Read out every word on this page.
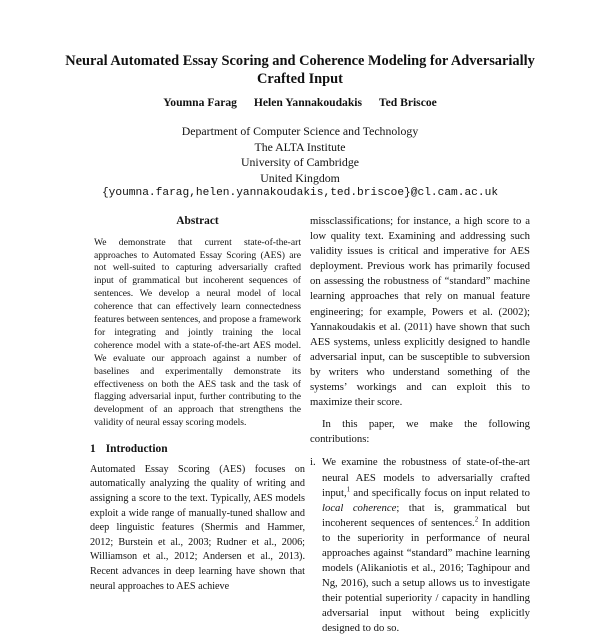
Neural Automated Essay Scoring and Coherence Modeling for Adversarially Crafted Input
Youmna Farag Helen Yannakoudakis Ted Briscoe
Department of Computer Science and Technology
The ALTA Institute
University of Cambridge
United Kingdom
{youmna.farag,helen.yannakoudakis,ted.briscoe}@cl.cam.ac.uk
Abstract
We demonstrate that current state-of-the-art approaches to Automated Essay Scoring (AES) are not well-suited to capturing adversarially crafted input of grammatical but incoherent sequences of sentences. We develop a neural model of local coherence that can effectively learn connectedness features between sentences, and propose a framework for integrating and jointly training the local coherence model with a state-of-the-art AES model. We evaluate our approach against a number of baselines and experimentally demonstrate its effectiveness on both the AES task and the task of flagging adversarial input, further contributing to the development of an approach that strengthens the validity of neural essay scoring models.
1 Introduction
Automated Essay Scoring (AES) focuses on automatically analyzing the quality of writing and assigning a score to the text. Typically, AES models exploit a wide range of manually-tuned shallow and deep linguistic features (Shermis and Hammer, 2012; Burstein et al., 2003; Rudner et al., 2006; Williamson et al., 2012; Andersen et al., 2013). Recent advances in deep learning have shown that neural approaches to AES achieve
missclassifications; for instance, a high score to a low quality text. Examining and addressing such validity issues is critical and imperative for AES deployment. Previous work has primarily focused on assessing the robustness of “standard” machine learning approaches that rely on manual feature engineering; for example, Powers et al. (2002); Yannakoudakis et al. (2011) have shown that such AES systems, unless explicitly designed to handle adversarial input, can be susceptible to subversion by writers who understand something of the systems’ workings and can exploit this to maximize their score.
In this paper, we make the following contributions:
i. We examine the robustness of state-of-the-art neural AES models to adversarially crafted input,$^1$ and specifically focus on input related to local coherence; that is, grammatical but incoherent sequences of sentences.$^2$ In addition to the superiority in performance of neural approaches against “standard” machine learning models (Alikaniotis et al., 2016; Taghipour and Ng, 2016), such a setup allows us to investigate their potential superiority / capacity in handling adversarial input without being explicitly designed to do so.
